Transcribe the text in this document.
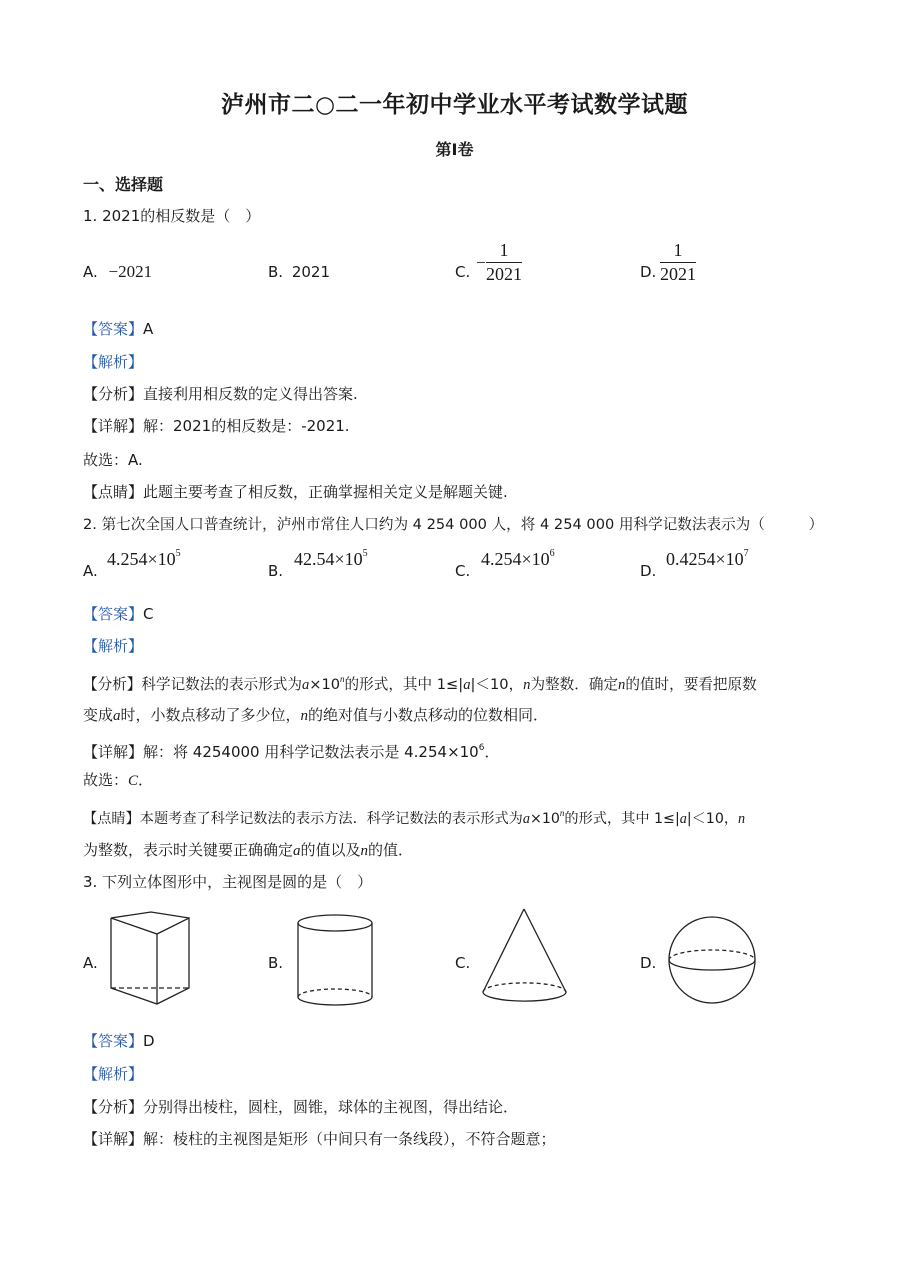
泸州市二○二一年初中学业水平考试数学试题
第I卷
一、选择题
1. 2021的相反数是（　）
A. −2021	B. 2021	C. − $\frac{1}{2021}$	D. $\frac{1}{2021}$
【答案】A
【解析】
【分析】直接利用相反数的定义得出答案.
【详解】解：2021的相反数是：-2021.
故选：A.
【点睛】此题主要考查了相反数，正确掌握相关定义是解题关键.
2. 第七次全国人口普查统计，泸州市常住人口约为 4 254 000 人，将 4 254 000 用科学记数法表示为（　　　）
A.
$4.254\times 10^5$
B.
$42.54\times 10^5$
C.
$4.254\times 10^6$
D.
$0.4254\times 10^7$
【答案】C
【解析】
【分析】科学记数法的表示形式为$a\times 10^n$的形式，其中 1≤|a|＜10，n为整数．确定n的值时，要看把原数
变成a时，小数点移动了多少位，n的绝对值与小数点移动的位数相同．
【详解】解：将 4254000 用科学记数法表示是 $4.254\times 10^6$．
故选：C．
【点睛】本题考查了科学记数法的表示方法．科学记数法的表示形式为$a\times 10^n$的形式，其中 1≤|a|＜10，n
为整数，表示时关键要正确确定a的值以及n的值．
3. 下列立体图形中，主视图是圆的是（　）
A.	B.	C.	D.
【答案】D
【解析】
【分析】分别得出棱柱，圆柱，圆锥，球体的主视图，得出结论．
【详解】解：棱柱的主视图是矩形（中间只有一条线段），不符合题意；
